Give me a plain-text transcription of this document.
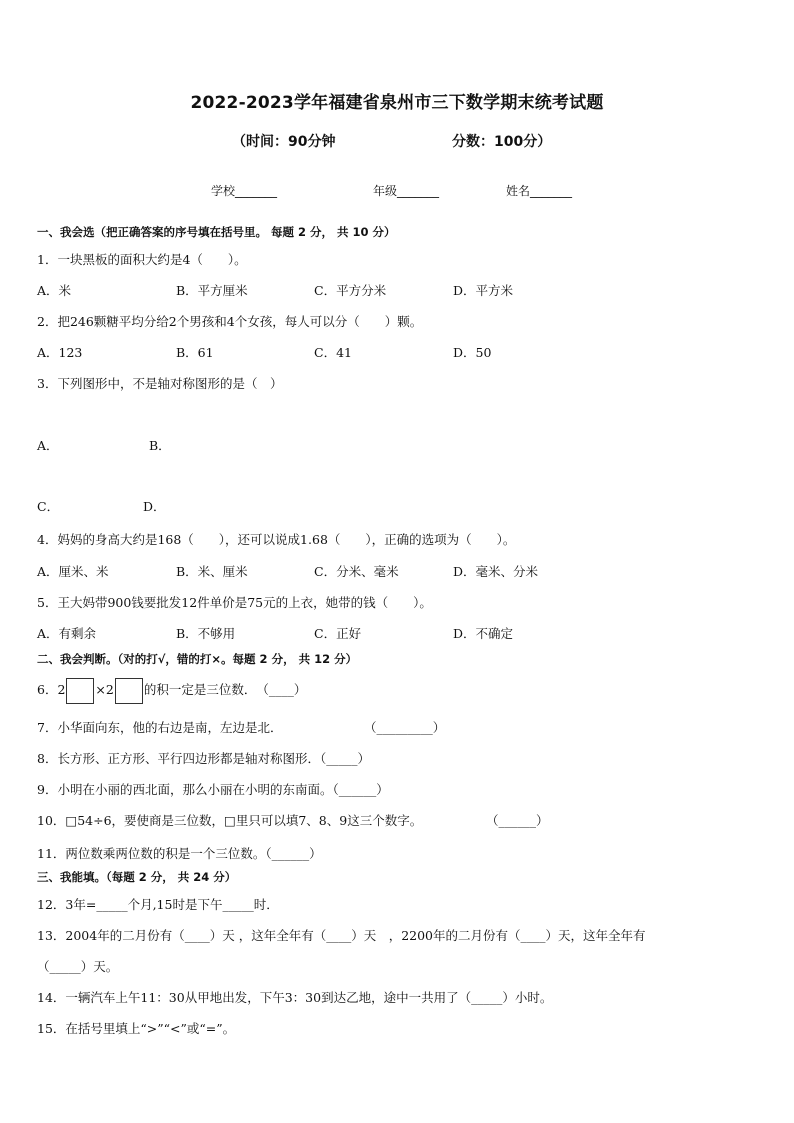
2022-2023学年福建省泉州市三下数学期末统考试题
（时间：90分钟	分数：100分）
学校_______	年级_______	姓名_______
一、我会选（把正确答案的序号填在括号里。 每题 2 分， 共 10 分）
1．一块黑板的面积大约是4（　　）。
A．米	B．平方厘米	C．平方分米	D．平方米
2．把246颗糖平均分给2个男孩和4个女孩，每人可以分（　　）颗。
A．123	B．61	C．41	D．50
3．下列图形中，不是轴对称图形的是（　）
A．	B．
C．	D．
4．妈妈的身高大约是168（　　），还可以说成1.68（　　），正确的选项为（　　）。
A．厘米、米	B．米、厘米	C．分米、毫米	D．毫米、分米
5．王大妈带900钱要批发12件单价是75元的上衣，她带的钱（　　）。
A．有剩余	B．不够用	C．正好	D．不确定
二、我会判断。（对的打√，错的打×。每题 2 分， 共 12 分）
6．2 ×2 的积一定是三位数．　（____）
7．小华面向东，他的右边是南，左边是北．	（_________）
8．长方形、正方形、平行四边形都是轴对称图形．（_____）
9．小明在小丽的西北面，那么小丽在小明的东南面。（______）
10．□54÷6，要使商是三位数，□里只可以填7、8、9这三个数字。	（______）
11．两位数乘两位数的积是一个三位数。（______）
三、我能填。（每题 2 分， 共 24 分）
12．3年=_____个月,15时是下午_____时．
13．2004年的二月份有（____）天 ，这年全年有（____）天　，2200年的二月份有（____）天，这年全年有
（_____）天。
14．一辆汽车上午11：30从甲地出发，下午3：30到达乙地，途中一共用了（_____）小时。
15．在括号里填上“>”“<”或“=”。
